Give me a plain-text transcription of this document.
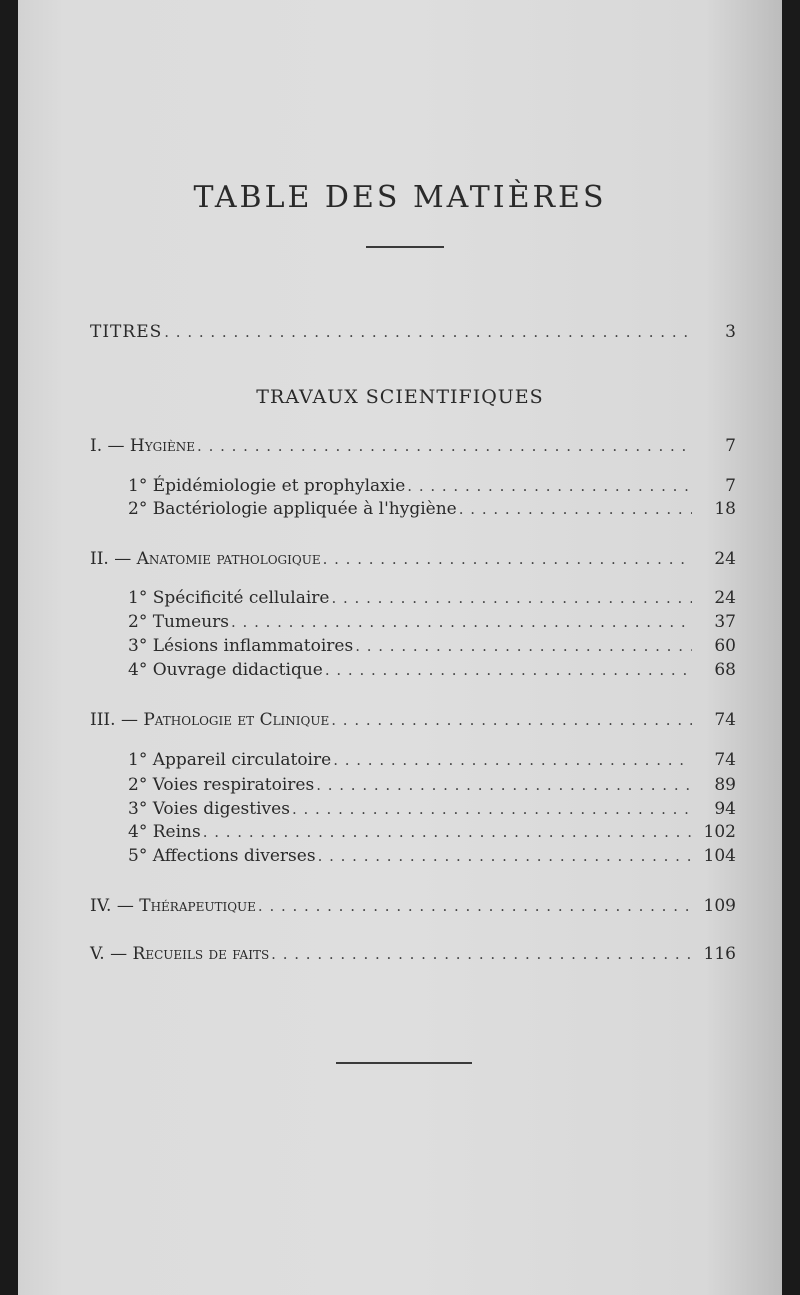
TABLE DES MATIÈRES
TITRES . . .	3
TRAVAUX SCIENTIFIQUES
I. — Hygiène . . .	7
1° Épidémiologie et prophylaxie . . .	7
2° Bactériologie appliquée à l'hygiène . . .	18
II. — Anatomie pathologique . . .	24
1° Spécificité cellulaire . . .	24
2° Tumeurs . . .	37
3° Lésions inflammatoires . . .	60
4° Ouvrage didactique . . .	68
III. — Pathologie et Clinique . . .	74
1° Appareil circulatoire . . .	74
2° Voies respiratoires . . .	89
3° Voies digestives . . .	94
4° Reins . . .	102
5° Affections diverses . . .	104
IV. — Thérapeutique . . .	109
V. — Recueils de faits . . .	116
